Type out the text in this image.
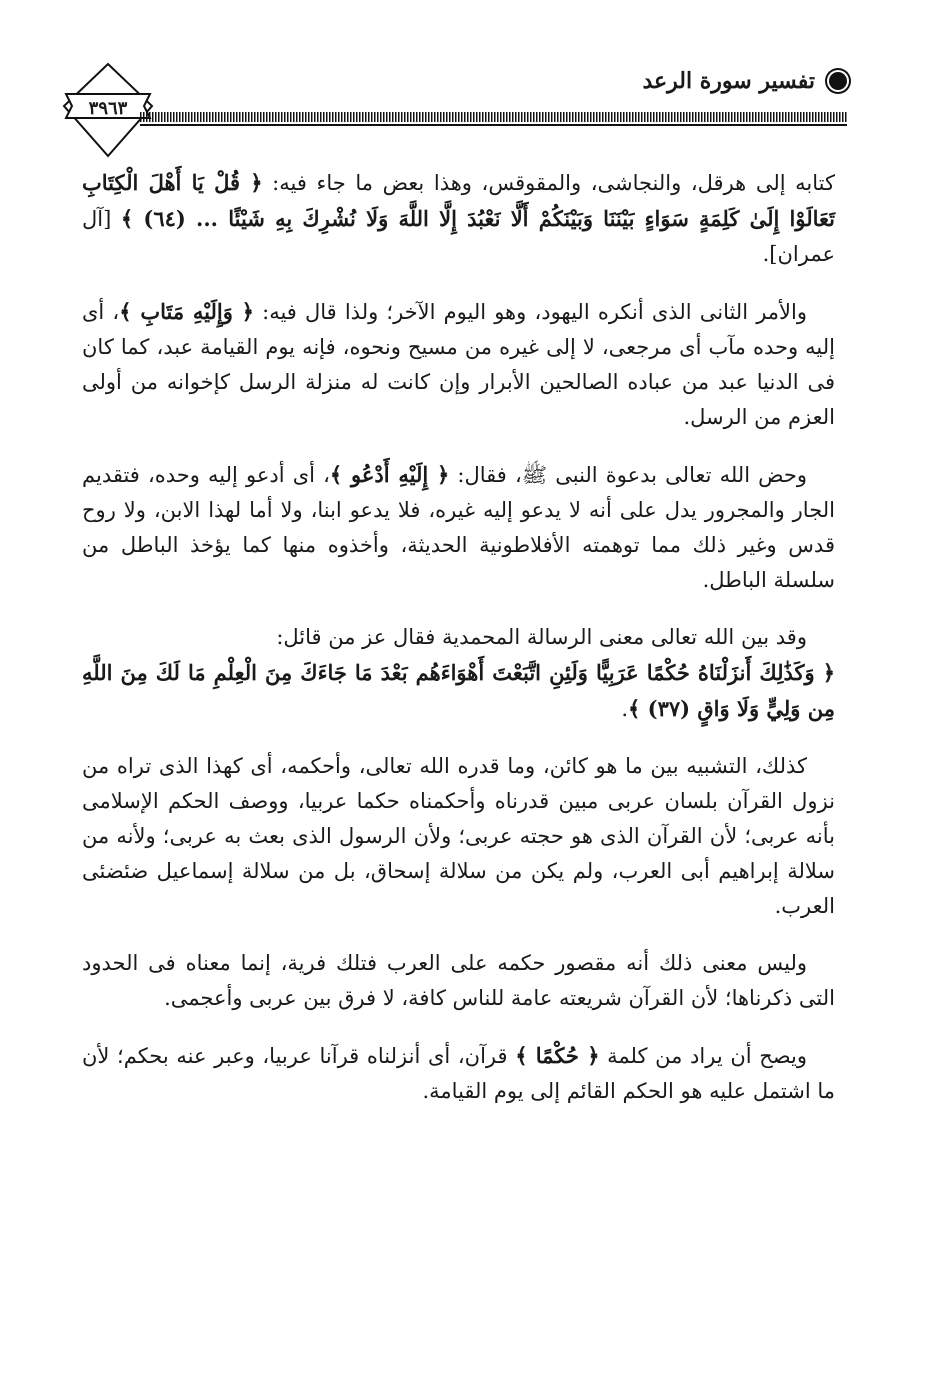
٣٩٦٣
تفسير سورة الرعد

كتابه إلى هرقل، والنجاشى، والمقوقس، وهذا بعض ما جاء فيه: ﴿ قُلْ يَا أَهْلَ الْكِتَابِ تَعَالَوْا إِلَىٰ كَلِمَةٍ سَوَاءٍ بَيْنَنَا وَبَيْنَكُمْ أَلَّا نَعْبُدَ إِلَّا اللَّهَ وَلَا نُشْرِكَ بِهِ شَيْئًا ... (٦٤) ﴾ [آل عمران].

والأمر الثانى الذى أنكره اليهود، وهو اليوم الآخر؛ ولذا قال فيه: ﴿ وَإِلَيْهِ مَتَابِ ﴾، أى إليه وحده مآب أى مرجعى، لا إلى غيره من مسيح ونحوه، فإنه يوم القيامة عبد، كما كان فى الدنيا عبد من عباده الصالحين الأبرار وإن كانت له منزلة الرسل كإخوانه من أولى العزم من الرسل.

وحض الله تعالى بدعوة النبى ﷺ، فقال: ﴿ إِلَيْهِ أَدْعُو ﴾، أى أدعو إليه وحده، فتقديم الجار والمجرور يدل على أنه لا يدعو إليه غيره، فلا يدعو ابنا، ولا أما لهذا الابن، ولا روح قدس وغير ذلك مما توهمته الأفلاطونية الحديثة، وأخذوه منها كما يؤخذ الباطل من سلسلة الباطل.

وقد بين الله تعالى معنى الرسالة المحمدية فقال عز من قائل:

﴿ وَكَذَٰلِكَ أَنزَلْنَاهُ حُكْمًا عَرَبِيًّا وَلَئِنِ اتَّبَعْتَ أَهْوَاءَهُم بَعْدَ مَا جَاءَكَ مِنَ الْعِلْمِ مَا لَكَ مِنَ اللَّهِ مِن وَلِيٍّ وَلَا وَاقٍ (٣٧) ﴾.

كذلك، التشبيه بين ما هو كائن، وما قدره الله تعالى، وأحكمه، أى كهذا الذى تراه من نزول القرآن بلسان عربى مبين قدرناه وأحكمناه حكما عربيا، ووصف الحكم الإسلامى بأنه عربى؛ لأن القرآن الذى هو حجته عربى؛ ولأن الرسول الذى بعث به عربى؛ ولأنه من سلالة إبراهيم أبى العرب، ولم يكن من سلالة إسحاق، بل من سلالة إسماعيل ضئضئى العرب.

وليس معنى ذلك أنه مقصور حكمه على العرب فتلك فرية، إنما معناه فى الحدود التى ذكرناها؛ لأن القرآن شريعته عامة للناس كافة، لا فرق بين عربى وأعجمى.

ويصح أن يراد من كلمة ﴿ حُكْمًا ﴾ قرآن، أى أنزلناه قرآنا عربيا، وعبر عنه بحكم؛ لأن ما اشتمل عليه هو الحكم القائم إلى يوم القيامة.
